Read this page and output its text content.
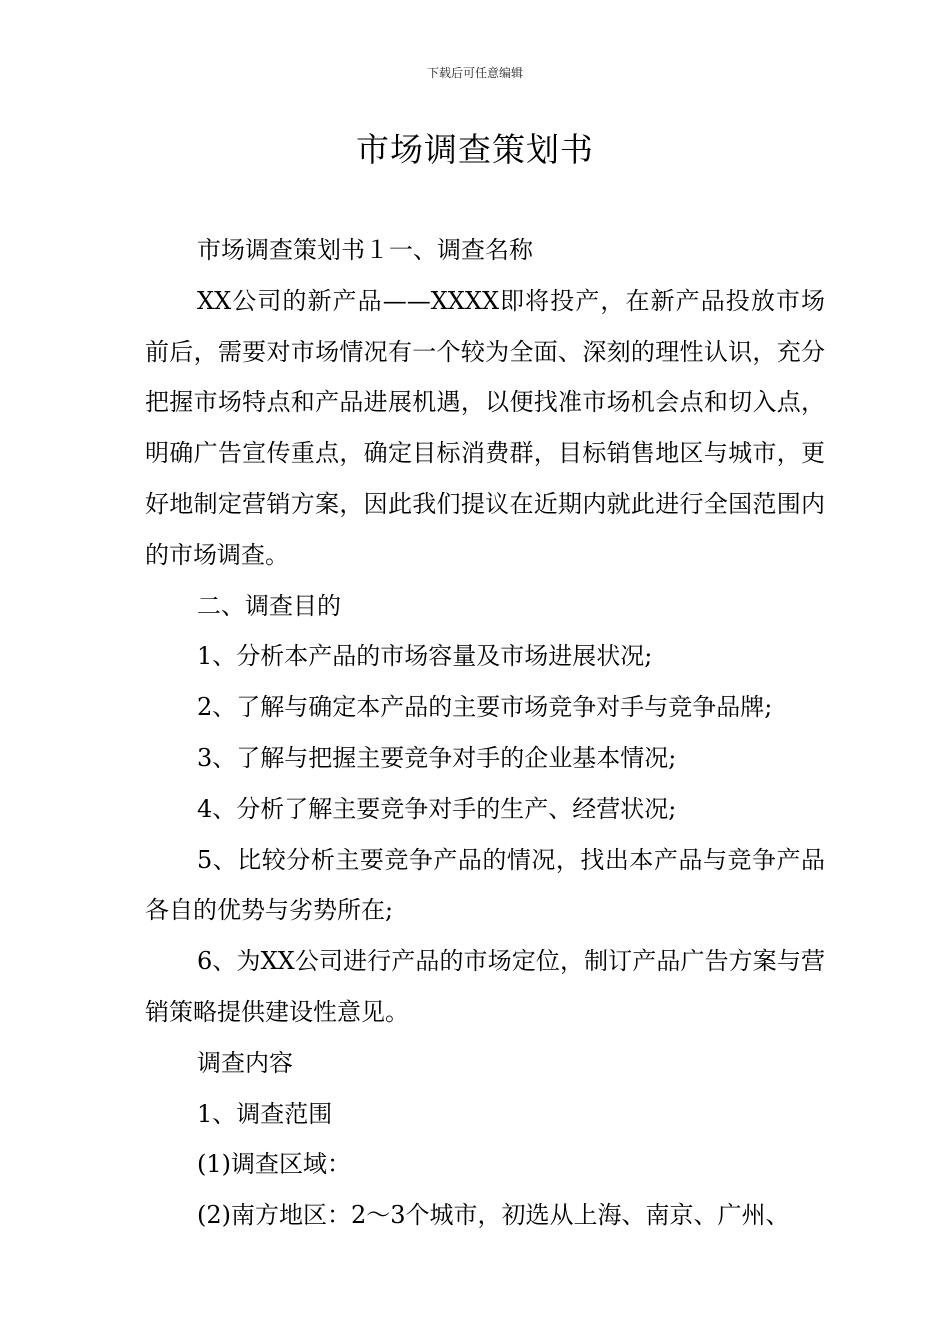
下载后可任意编辑
市场调查策划书

市场调查策划书１一、调查名称

XX公司的新产品——XXXX即将投产，在新产品投放市场前后，需要对市场情况有一个较为全面、深刻的理性认识，充分把握市场特点和产品进展机遇，以便找准市场机会点和切入点，明确广告宣传重点，确定目标消费群，目标销售地区与城市，更好地制定营销方案，因此我们提议在近期内就此进行全国范围内的市场调查。

二、调查目的

1、分析本产品的市场容量及市场进展状况;

2、了解与确定本产品的主要市场竞争对手与竞争品牌;

3、了解与把握主要竞争对手的企业基本情况;

4、分析了解主要竞争对手的生产、经营状况;

5、比较分析主要竞争产品的情况，找出本产品与竞争产品各自的优势与劣势所在;

6、为XX公司进行产品的市场定位，制订产品广告方案与营销策略提供建设性意见。

调查内容

1、调查范围

(1)调查区域：

(2)南方地区：2～3个城市，初选从上海、南京、广州、
